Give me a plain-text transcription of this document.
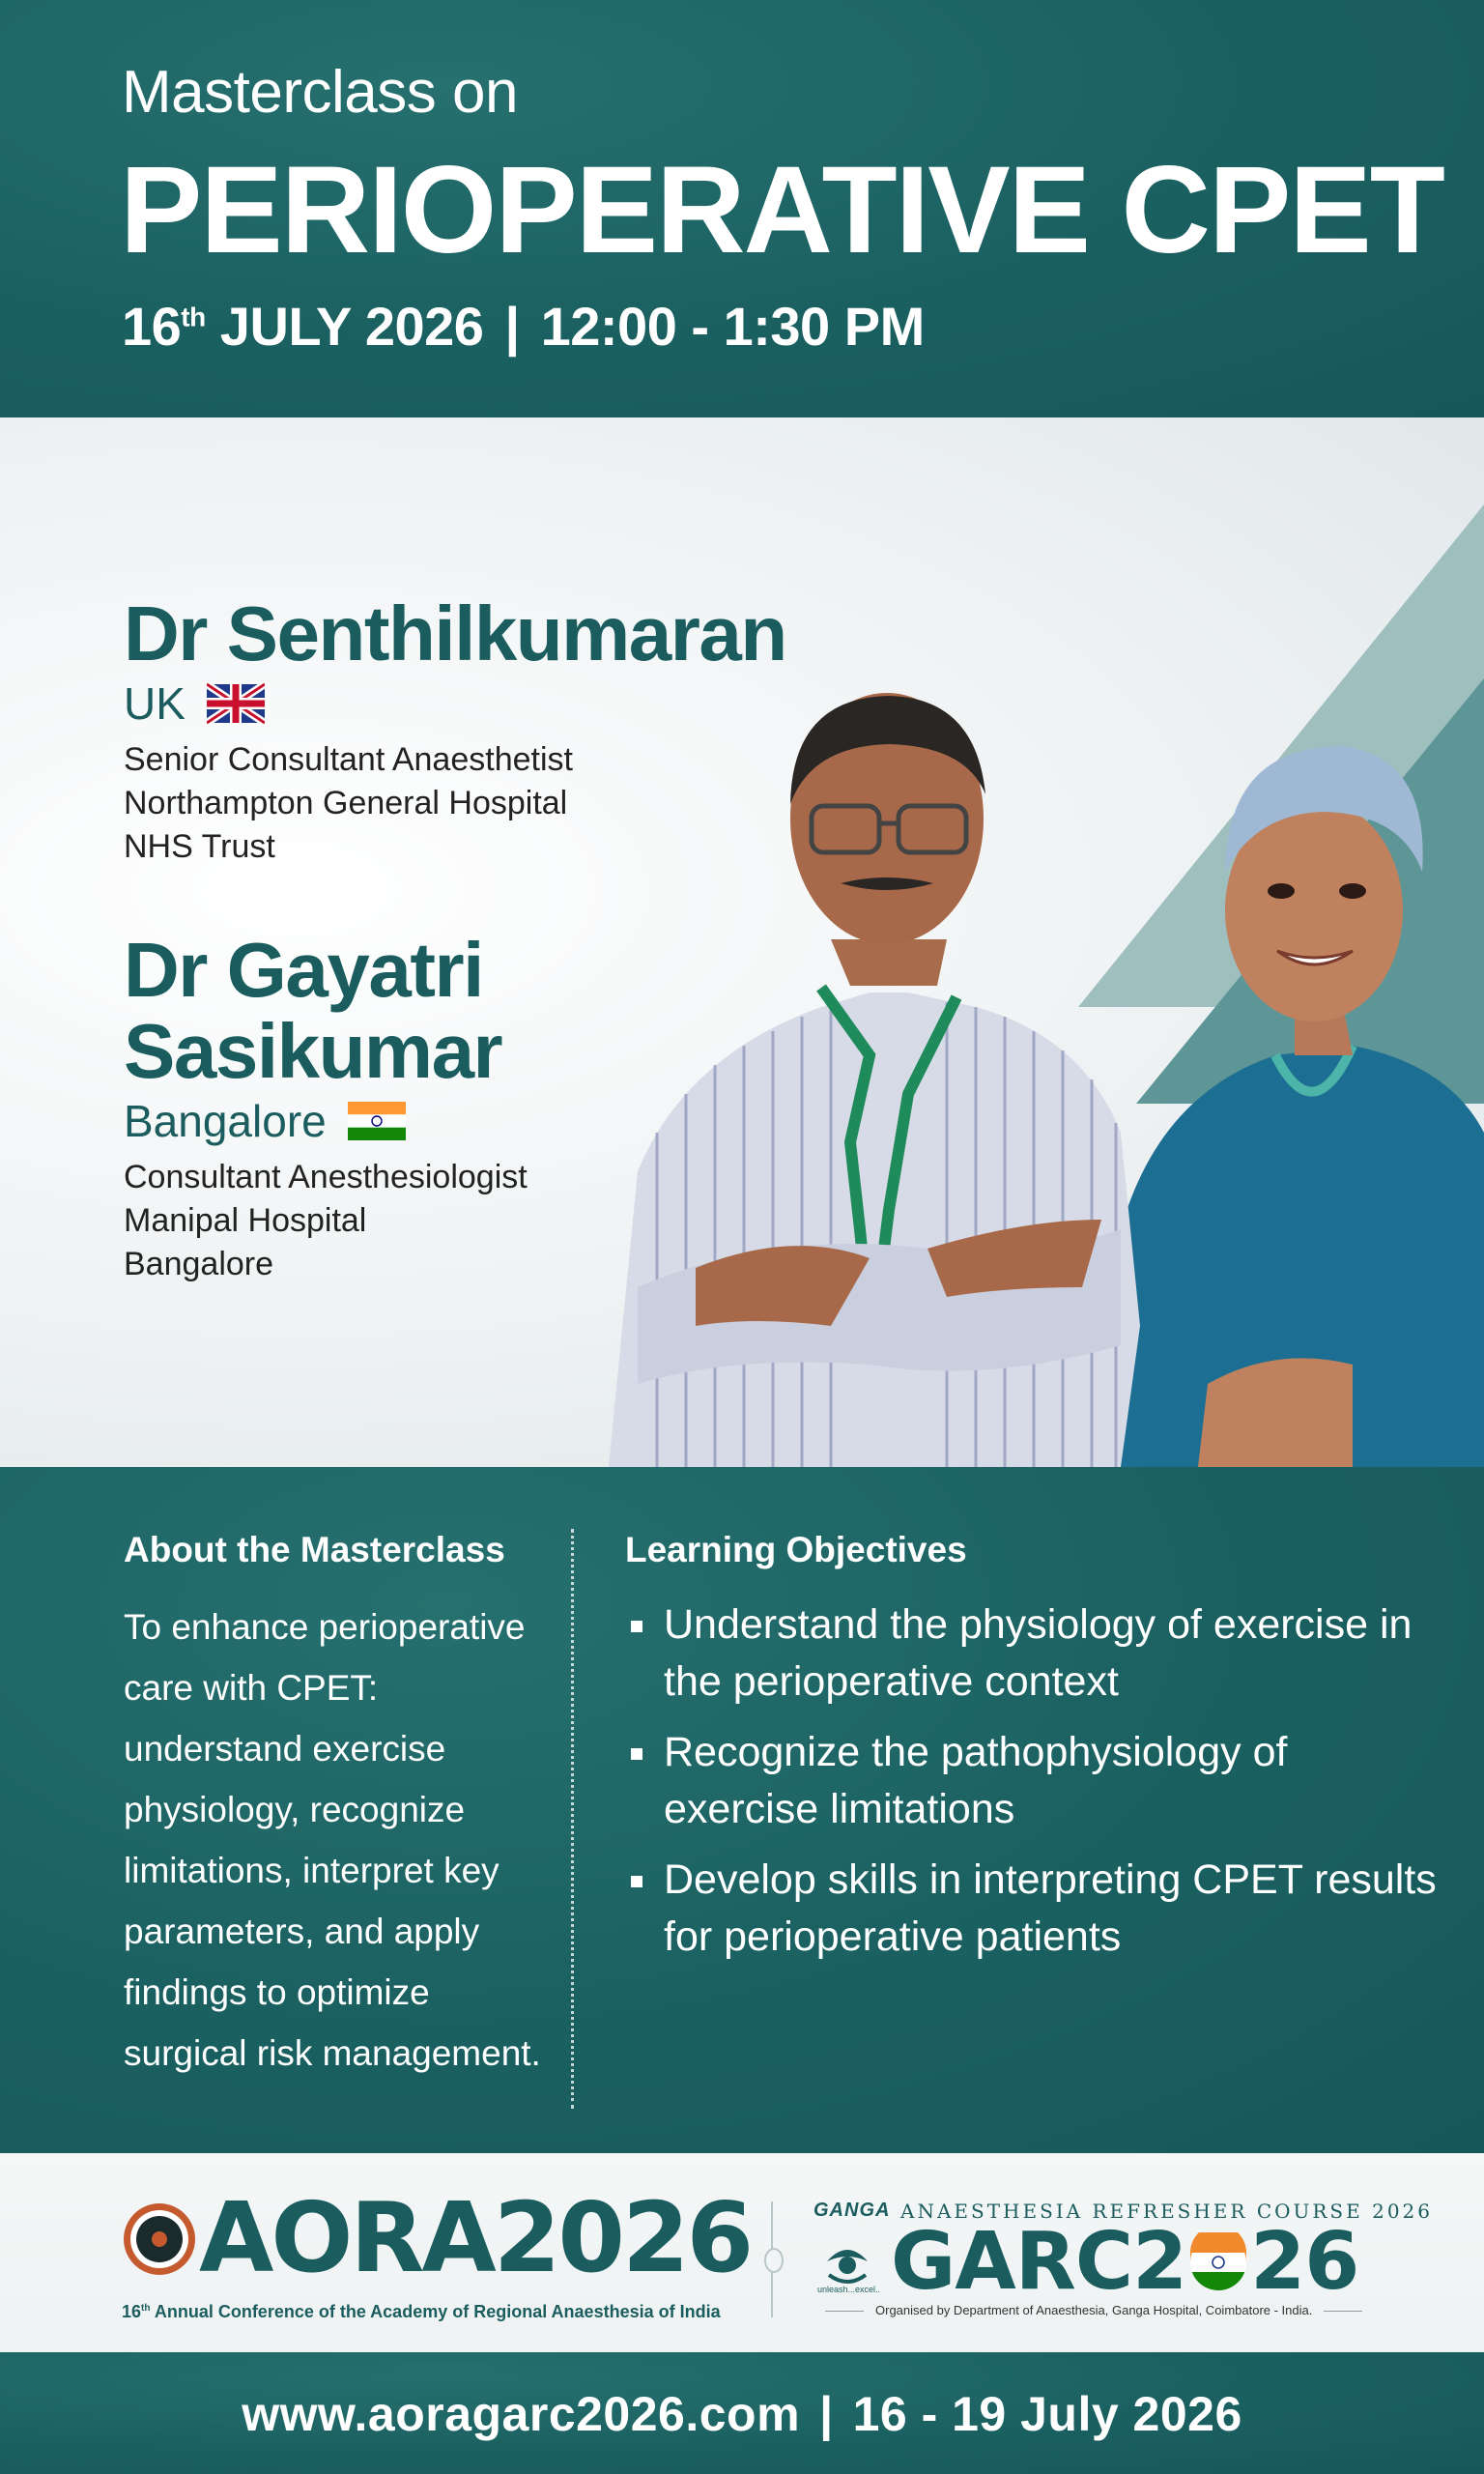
Masterclass on
PERIOPERATIVE CPET
16th JULY 2026 | 12:00 - 1:30 PM
Dr Senthilkumaran
UK
Senior Consultant Anaesthetist
Northampton General Hospital
NHS Trust
Dr Gayatri
Sasikumar
Bangalore
Consultant Anesthesiologist
Manipal Hospital
Bangalore
About the Masterclass
To enhance perioperative care with CPET: understand exercise physiology, recognize limitations, interpret key parameters, and apply findings to optimize surgical risk management.
Learning Objectives
Understand the physiology of exercise in the perioperative context
Recognize the pathophysiology of exercise limitations
Develop skills in interpreting CPET results for perioperative patients
AORA2026
16th Annual Conference of the Academy of Regional Anaesthesia of India
GANGA ANAESTHESIA REFRESHER COURSE 2026
unleash...excel.. GARC2 26
Organised by Department of Anaesthesia, Ganga Hospital, Coimbatore - India.
www.aoragarc2026.com | 16 - 19 July 2026
